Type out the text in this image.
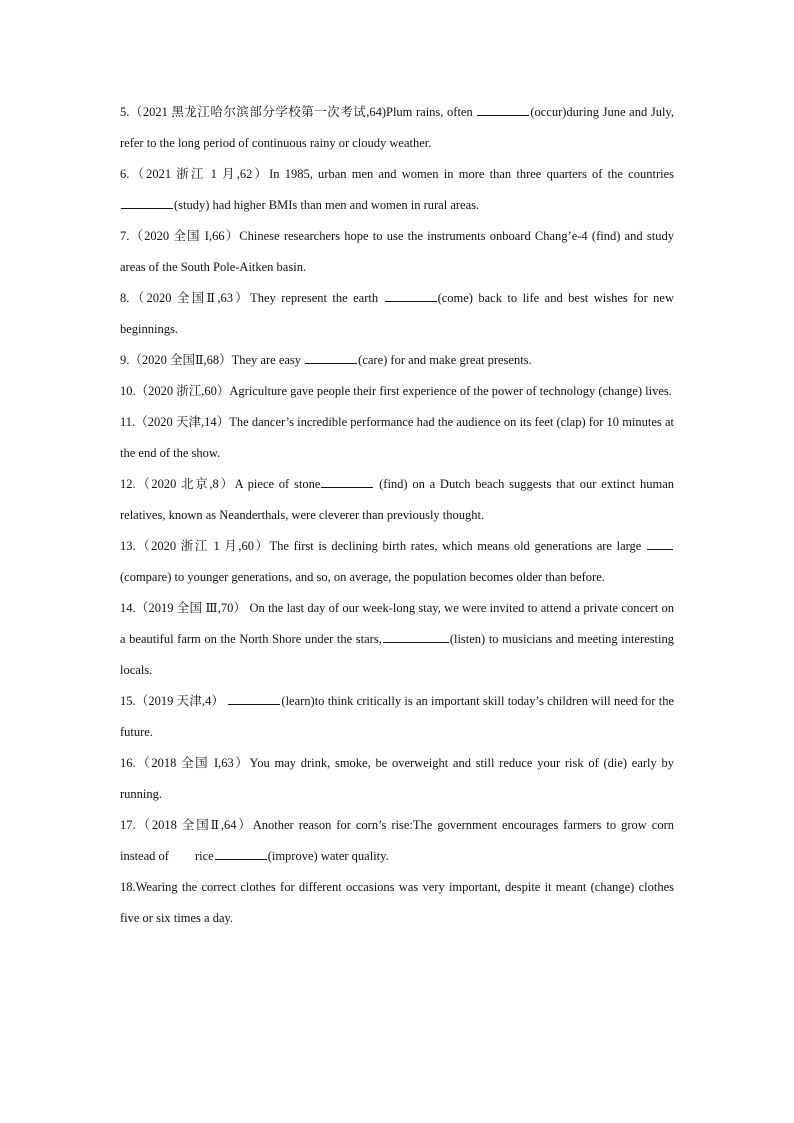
5.（2021 黑龙江哈尔滨部分学校第一次考试,64)Plum rains, often	(occur)during June and July, refer to the long period of continuous rainy or cloudy weather.

6.（2021 浙江 1 月,62）In 1985, urban men and women in more than three quarters of the countries (study) had higher BMIs than men and women in rural areas.

7.（2020 全国 I,66）Chinese researchers hope to use the instruments onboard Chang’e-4 (find) and study areas of the South Pole-Aitken basin.

8.（2020 全国Ⅱ,63）They represent the earth	(come) back to life and best wishes for new beginnings.

9.（2020 全国Ⅱ,68）They are easy	(care) for and make great presents.

10.（2020 浙江,60）Agriculture gave people their first experience of the power of technology (change) lives.

11.（2020 天津,14）The dancer’s incredible performance had the audience on its feet (clap) for 10 minutes at the end of the show.

12.（2020 北京,8）A piece of stone	(find) on a Dutch beach suggests that our extinct human relatives, known as Neanderthals, were cleverer than previously thought.

13.（2020 浙江 1 月,60）The first is declining birth rates, which means old generations are large (compare) to younger generations, and so, on average, the population becomes older than before.

14.（2019 全国 Ⅲ,70） On the last day of our week-long stay, we were invited to attend a private concert on a beautiful farm on the North Shore under the stars,	(listen) to musicians and meeting interesting locals.

15.（2019 天津,4）	(learn)to think critically is an important skill today’s children will need for the future.

16.（2018 全国 I,63）You may drink, smoke, be overweight and still reduce your risk of (die) early by running.

17.（2018 全国Ⅱ,64）Another reason for corn’s rise:The government encourages farmers to grow corn instead of rice	(improve) water quality.

18.Wearing the correct clothes for different occasions was very important, despite it meant (change) clothes five or six times a day.
